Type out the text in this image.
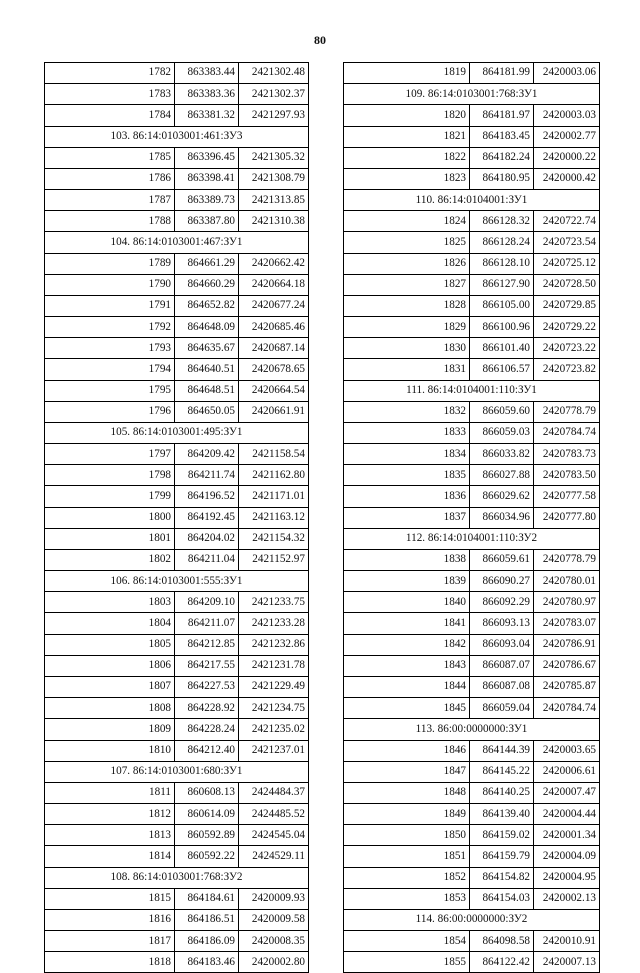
80
1782	863383.44	2421302.48
1783	863383.36	2421302.37
1784	863381.32	2421297.93
103. 86:14:0103001:461:ЗУ3		
1785	863396.45	2421305.32
1786	863398.41	2421308.79
1787	863389.73	2421313.85
1788	863387.80	2421310.38
104. 86:14:0103001:467:ЗУ1		
1789	864661.29	2420662.42
1790	864660.29	2420664.18
1791	864652.82	2420677.24
1792	864648.09	2420685.46
1793	864635.67	2420687.14
1794	864640.51	2420678.65
1795	864648.51	2420664.54
1796	864650.05	2420661.91
105. 86:14:0103001:495:ЗУ1		
1797	864209.42	2421158.54
1798	864211.74	2421162.80
1799	864196.52	2421171.01
1800	864192.45	2421163.12
1801	864204.02	2421154.32
1802	864211.04	2421152.97
106. 86:14:0103001:555:ЗУ1		
1803	864209.10	2421233.75
1804	864211.07	2421233.28
1805	864212.85	2421232.86
1806	864217.55	2421231.78
1807	864227.53	2421229.49
1808	864228.92	2421234.75
1809	864228.24	2421235.02
1810	864212.40	2421237.01
107. 86:14:0103001:680:ЗУ1		
1811	860608.13	2424484.37
1812	860614.09	2424485.52
1813	860592.89	2424545.04
1814	860592.22	2424529.11
108. 86:14:0103001:768:ЗУ2		
1815	864184.61	2420009.93
1816	864186.51	2420009.58
1817	864186.09	2420008.35
1818	864183.46	2420002.80
1819	864181.99	2420003.06
109. 86:14:0103001:768:ЗУ1		
1820	864181.97	2420003.03
1821	864183.45	2420002.77
1822	864182.24	2420000.22
1823	864180.95	2420000.42
110. 86:14:0104001:ЗУ1		
1824	866128.32	2420722.74
1825	866128.24	2420723.54
1826	866128.10	2420725.12
1827	866127.90	2420728.50
1828	866105.00	2420729.85
1829	866100.96	2420729.22
1830	866101.40	2420723.22
1831	866106.57	2420723.82
111. 86:14:0104001:110:ЗУ1		
1832	866059.60	2420778.79
1833	866059.03	2420784.74
1834	866033.82	2420783.73
1835	866027.88	2420783.50
1836	866029.62	2420777.58
1837	866034.96	2420777.80
112. 86:14:0104001:110:ЗУ2		
1838	866059.61	2420778.79
1839	866090.27	2420780.01
1840	866092.29	2420780.97
1841	866093.13	2420783.07
1842	866093.04	2420786.91
1843	866087.07	2420786.67
1844	866087.08	2420785.87
1845	866059.04	2420784.74
113. 86:00:0000000:ЗУ1		
1846	864144.39	2420003.65
1847	864145.22	2420006.61
1848	864140.25	2420007.47
1849	864139.40	2420004.44
1850	864159.02	2420001.34
1851	864159.79	2420004.09
1852	864154.82	2420004.95
1853	864154.03	2420002.13
114. 86:00:0000000:ЗУ2		
1854	864098.58	2420010.91
1855	864122.42	2420007.13
